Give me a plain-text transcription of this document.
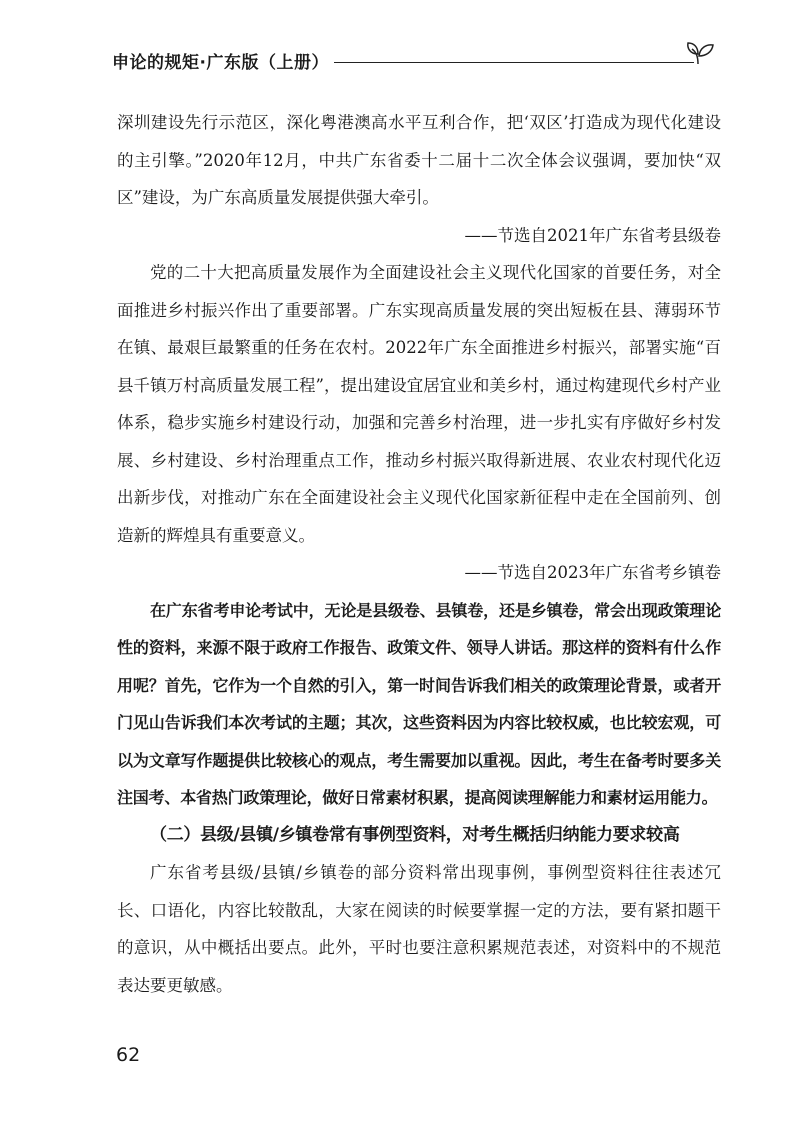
申论的规矩·广东版（上册）

深圳建设先行示范区，深化粤港澳高水平互利合作，把‘双区’打造成为现代化建设的主引擎。”2020年12月，中共广东省委十二届十二次全体会议强调，要加快“双区”建设，为广东高质量发展提供强大牵引。

——节选自2021年广东省考县级卷

党的二十大把高质量发展作为全面建设社会主义现代化国家的首要任务，对全面推进乡村振兴作出了重要部署。广东实现高质量发展的突出短板在县、薄弱环节在镇、最艰巨最繁重的任务在农村。2022年广东全面推进乡村振兴，部署实施“百县千镇万村高质量发展工程”，提出建设宜居宜业和美乡村，通过构建现代乡村产业体系，稳步实施乡村建设行动，加强和完善乡村治理，进一步扎实有序做好乡村发展、乡村建设、乡村治理重点工作，推动乡村振兴取得新进展、农业农村现代化迈出新步伐，对推动广东在全面建设社会主义现代化国家新征程中走在全国前列、创造新的辉煌具有重要意义。

——节选自2023年广东省考乡镇卷

在广东省考申论考试中，无论是县级卷、县镇卷，还是乡镇卷，常会出现政策理论性的资料，来源不限于政府工作报告、政策文件、领导人讲话。那这样的资料有什么作用呢？首先，它作为一个自然的引入，第一时间告诉我们相关的政策理论背景，或者开门见山告诉我们本次考试的主题；其次，这些资料因为内容比较权威，也比较宏观，可以为文章写作题提供比较核心的观点，考生需要加以重视。因此，考生在备考时要多关注国考、本省热门政策理论，做好日常素材积累，提高阅读理解能力和素材运用能力。

（二）县级/县镇/乡镇卷常有事例型资料，对考生概括归纳能力要求较高

广东省考县级/县镇/乡镇卷的部分资料常出现事例，事例型资料往往表述冗长、口语化，内容比较散乱，大家在阅读的时候要掌握一定的方法，要有紧扣题干的意识，从中概括出要点。此外，平时也要注意积累规范表述，对资料中的不规范表达要更敏感。

62
